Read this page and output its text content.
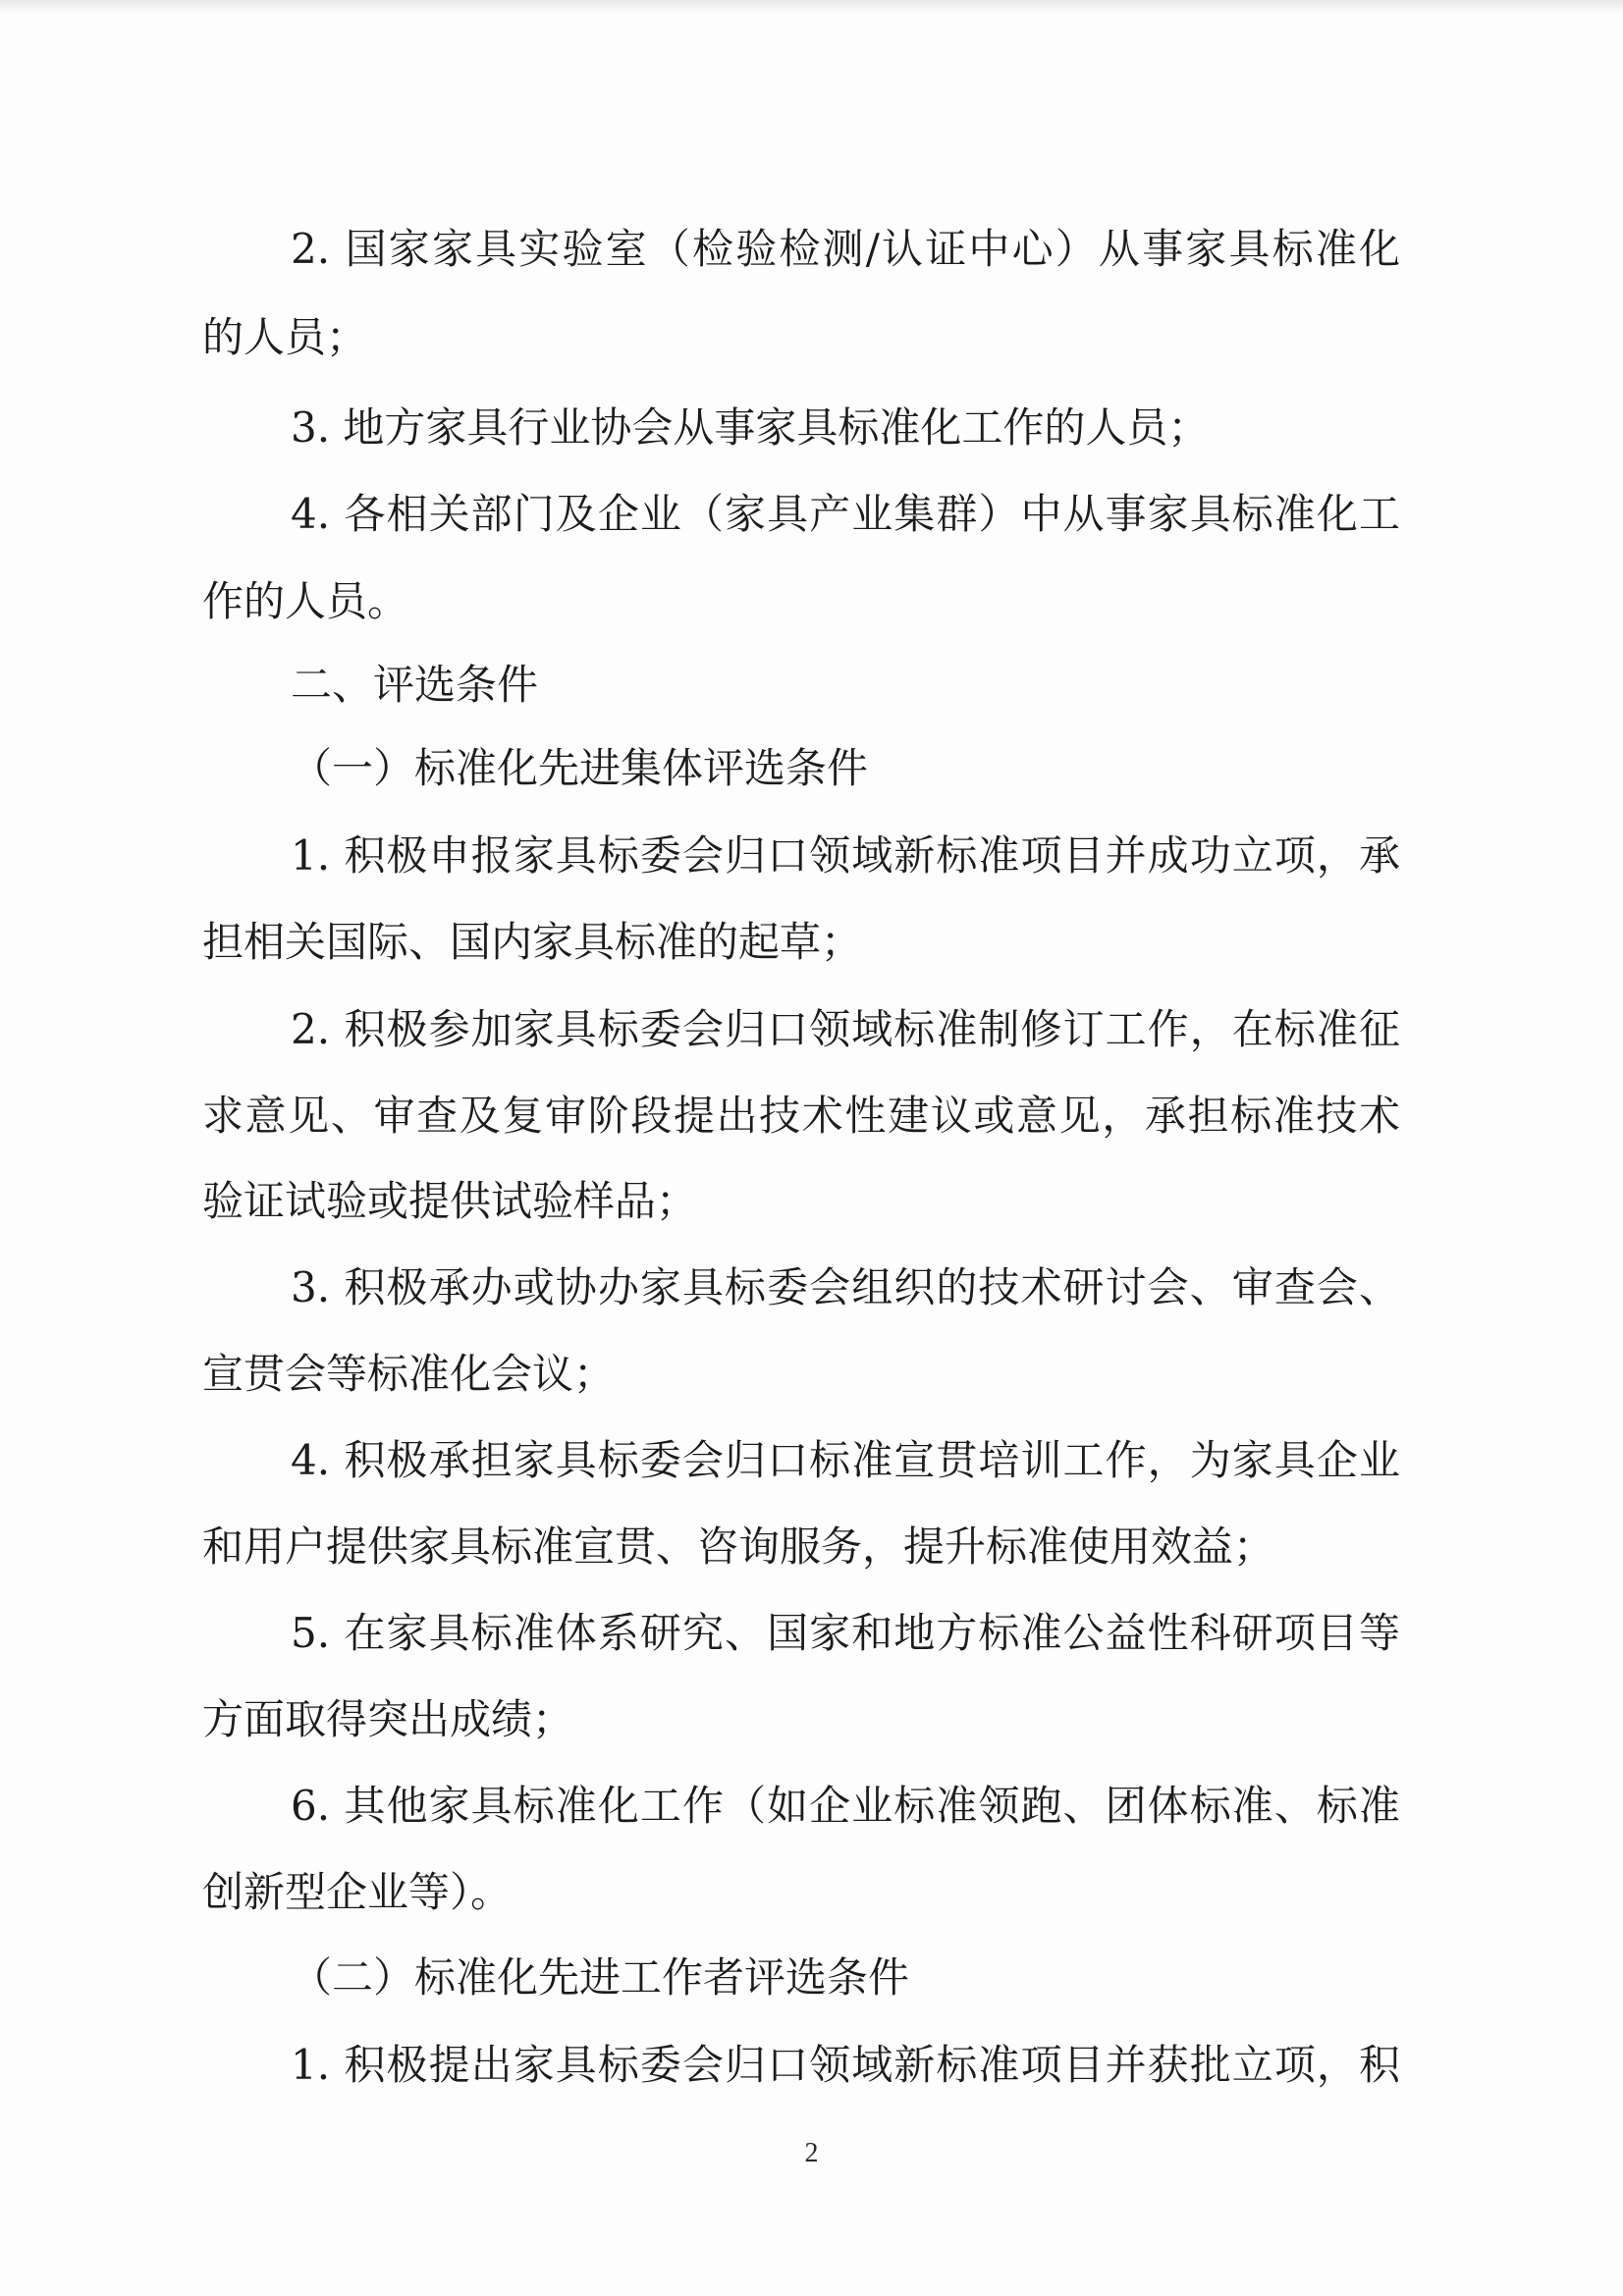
2. 国家家具实验室（检验检测/认证中心）从事家具标准化
的人员；
3. 地方家具行业协会从事家具标准化工作的人员；
4. 各相关部门及企业（家具产业集群）中从事家具标准化工
作的人员。
二、评选条件
（一）标准化先进集体评选条件
1. 积极申报家具标委会归口领域新标准项目并成功立项，承
担相关国际、国内家具标准的起草；
2. 积极参加家具标委会归口领域标准制修订工作，在标准征
求意见、审查及复审阶段提出技术性建议或意见，承担标准技术
验证试验或提供试验样品；
3. 积极承办或协办家具标委会组织的技术研讨会、审查会、
宣贯会等标准化会议；
4. 积极承担家具标委会归口标准宣贯培训工作，为家具企业
和用户提供家具标准宣贯、咨询服务，提升标准使用效益；
5. 在家具标准体系研究、国家和地方标准公益性科研项目等
方面取得突出成绩；
6. 其他家具标准化工作（如企业标准领跑、团体标准、标准
创新型企业等）。
（二）标准化先进工作者评选条件
1. 积极提出家具标委会归口领域新标准项目并获批立项，积
2
